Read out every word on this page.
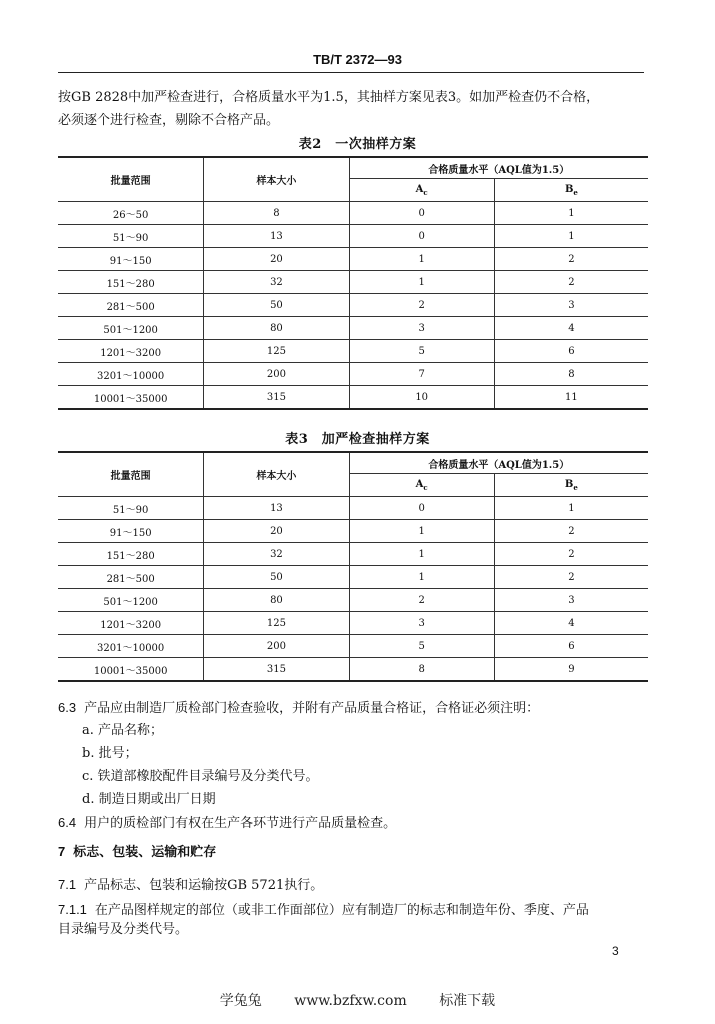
TB/T 2372—93
按GB 2828中加严检查进行，合格质量水平为1.5，其抽样方案见表3。如加严检查仍不合格，
必须逐个进行检查，剔除不合格产品。
表2　一次抽样方案
批量范围	样本大小	合格质量水平（AQL值为1.5）	
		$A_c$	$B_e$
26～50	8	0	1
51～90	13	0	1
91～150	20	1	2
151～280	32	1	2
281～500	50	2	3
501～1200	80	3	4
1201～3200	125	5	6
3201～10000	200	7	8
10001～35000	315	10	11
表3　加严检查抽样方案
批量范围	样本大小	合格质量水平（AQL值为1.5）	
		$A_c$	$B_e$
51～90	13	0	1
91～150	20	1	2
151～280	32	1	2
281～500	50	1	2
501～1200	80	2	3
1201～3200	125	3	4
3201～10000	200	5	6
10001～35000	315	8	9

6.3 产品应由制造厂质检部门检查验收，并附有产品质量合格证，合格证必须注明：

a. 产品名称；

b. 批号；

c. 铁道部橡胶配件目录编号及分类代号。

d. 制造日期或出厂日期

6.4 用户的质检部门有权在生产各环节进行产品质量检查。

7 标志、包装、运输和贮存

7.1 产品标志、包装和运输按GB 5721执行。

7.1.1 在产品图样规定的部位（或非工作面部位）应有制造厂的标志和制造年份、季度、产品

目录编号及分类代号。

3
学兔兔 www.bzfxw.com 标准下载
